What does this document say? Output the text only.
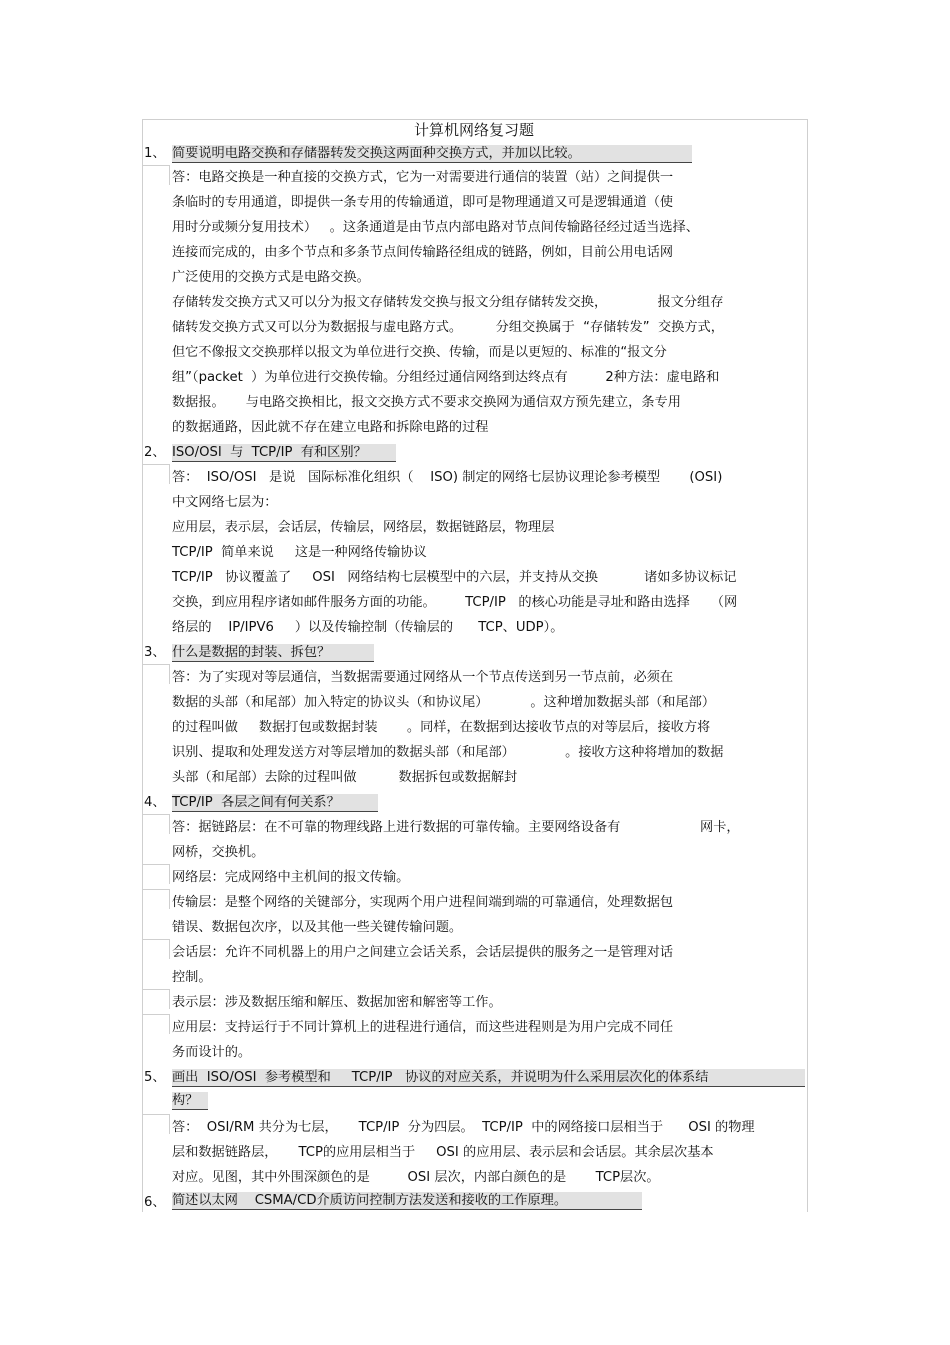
计算机网络复习题
1、 简要说明电路交换和存储器转发交换这两面种交换方式，并加以比较。
答：电路交换是一种直接的交换方式，它为一对需要进行通信的装置（站）之间提供一
条临时的专用通道，即提供一条专用的传输通道，即可是物理通道又可是逻辑通道（使
用时分或频分复用技术）   。这条通道是由节点内部电路对节点间传输路径经过适当选择、
连接而完成的，由多个节点和多条节点间传输路径组成的链路，例如，目前公用电话网
广泛使用的交换方式是电路交换。
存储转发交换方式又可以分为报文存储转发交换与报文分组存储转发交换，            报文分组存
储转发交换方式又可以分为数据报与虚电路方式。        分组交换属于  “存储转发”  交换方式，
但它不像报文交换那样以报文为单位进行交换、传输，而是以更短的、标准的“报文分
组”（packet  ）为单位进行交换传输。分组经过通信网络到达终点有         2种方法：虚电路和
数据报。     与电路交换相比，报文交换方式不要求交换网为通信双方预先建立，条专用
的数据通路，因此就不存在建立电路和拆除电路的过程
2、 ISO/OSI  与  TCP/IP  有和区别？
答：  ISO/OSI   是说   国际标准化组织（    ISO) 制定的网络七层协议理论参考模型       (OSI)
中文网络七层为：
应用层，表示层，会话层，传输层，网络层，数据链路层，物理层
TCP/IP  简单来说     这是一种网络传输协议
TCP/IP   协议覆盖了     OSI   网络结构七层模型中的六层，并支持从交换           诸如多协议标记
交换，到应用程序诸如邮件服务方面的功能。       TCP/IP   的核心功能是寻址和路由选择     （网
络层的    IP/IPV6     ）以及传输控制（传输层的      TCP、UDP）。
3、 什么是数据的封装、拆包？
答：为了实现对等层通信，当数据需要通过网络从一个节点传送到另一节点前，必须在
数据的头部（和尾部）加入特定的协议头（和协议尾）          。这种增加数据头部（和尾部）
的过程叫做     数据打包或数据封装       。同样，在数据到达接收节点的对等层后，接收方将
识别、提取和处理发送方对等层增加的数据头部（和尾部）            。接收方这种将增加的数据
头部（和尾部）去除的过程叫做          数据拆包或数据解封
4、 TCP/IP  各层之间有何关系？
答：据链路层：在不可靠的物理线路上进行数据的可靠传输。主要网络设备有                   网卡，
网桥，交换机。
网络层：完成网络中主机间的报文传输。
传输层：是整个网络的关键部分，实现两个用户进程间端到端的可靠通信，处理数据包
错误、数据包次序，以及其他一些关键传输问题。
会话层：允许不同机器上的用户之间建立会话关系，会话层提供的服务之一是管理对话
控制。
表示层：涉及数据压缩和解压、数据加密和解密等工作。
应用层：支持运行于不同计算机上的进程进行通信，而这些进程则是为用户完成不同任
务而设计的。
5、 画出  ISO/OSI  参考模型和     TCP/IP   协议的对应关系，并说明为什么采用层次化的体系结
构？
答：  OSI/RM 共分为七层，     TCP/IP  分为四层。  TCP/IP  中的网络接口层相当于      OSI 的物理
层和数据链路层，     TCP的应用层相当于     OSI 的应用层、表示层和会话层。其余层次基本
对应。见图，其中外围深颜色的是         OSI 层次，内部白颜色的是       TCP层次。
6、 简述以太网    CSMA/CD介质访问控制方法发送和接收的工作原理。
